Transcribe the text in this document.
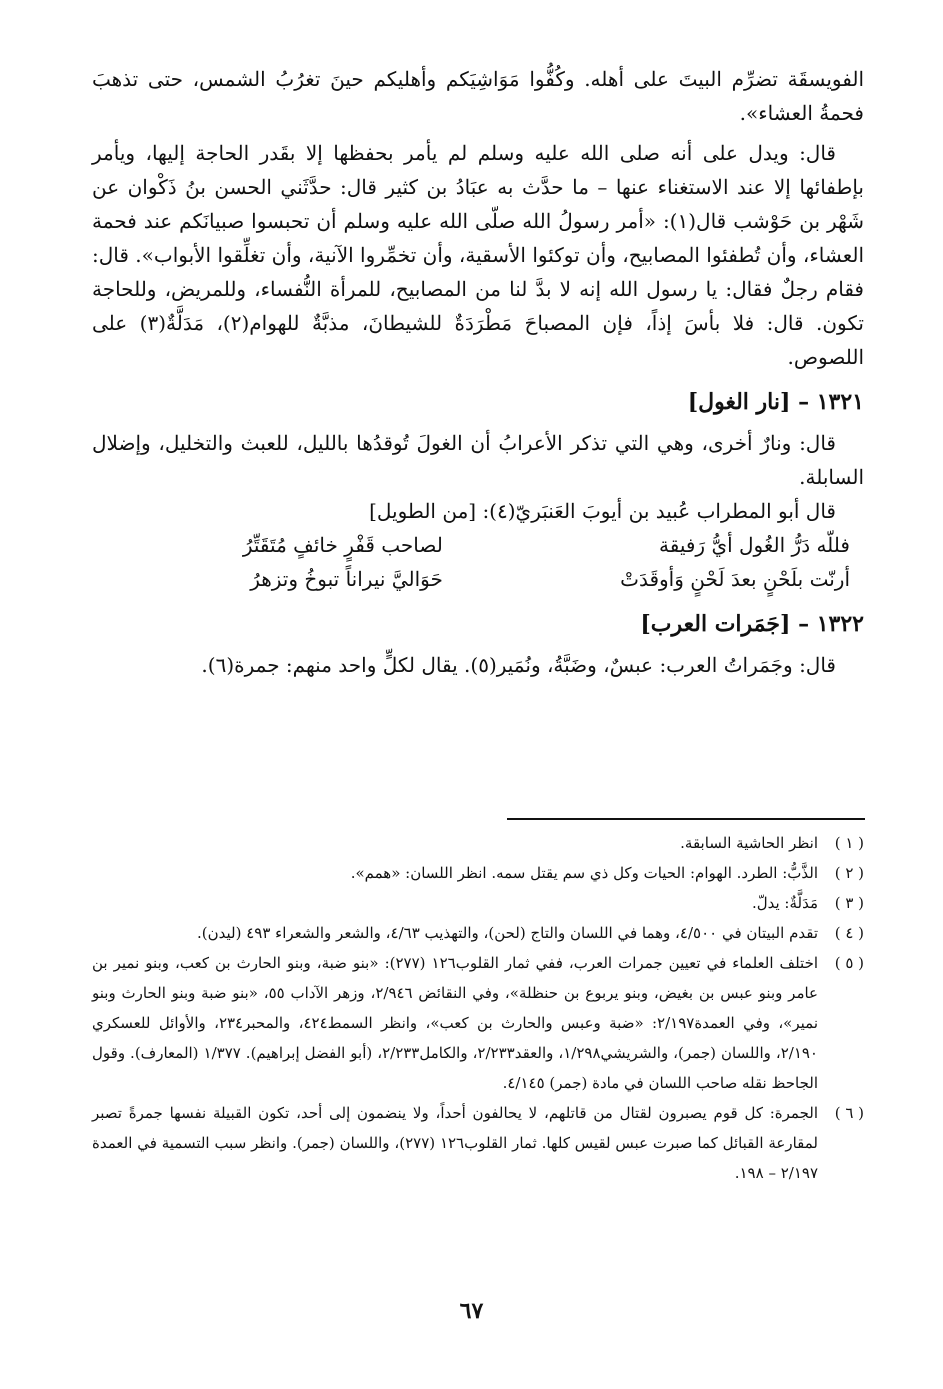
الفويسقَة تضرِّم البيتَ على أهله. وكُفُّوا مَوَاشِيَكم وأهليكم حينَ تغرُبُ الشمس، حتى تذهبَ فحمةُ العشاء».

قال: ويدل على أنه صلى الله عليه وسلم لم يأمر بحفظها إلا بقَدر الحاجة إليها، ويأمر بإطفائها إلا عند الاستغناء عنها – ما حدَّث به عبَادُ بن كثير قال: حدَّثَني الحسن بنُ ذَكْوان عن شَهْر بن حَوْشب قال(١): «أمر رسولُ الله صلّى الله عليه وسلم أن تحبسوا صبيانَكم عند فحمة العشاء، وأن تُطفئوا المصابيح، وأن توكئوا الأسقية، وأن تخمِّروا الآنية، وأن تغلِّقوا الأبواب». قال: فقام رجلٌ فقال: يا رسول الله إنه لا بدَّ لنا من المصابيح، للمرأة النُّفساء، وللمريض، وللحاجة تكون. قال: فلا بأسَ إذاً، فإن المصباحَ مَطْرَدَةٌ للشيطانَ، مذبَّةٌ للهوام(٢)، مَدَلَّةٌ(٣) على اللصوص.

١٣٢١ – [نار الغول]

قال: ونارٌ أخرى، وهي التي تذكر الأعرابُ أن الغولَ تُوقدُها بالليل، للعبث والتخليل، وإضلال السابلة.

قال أبو المطراب عُبيد بن أيوبَ العَنبَريّ(٤): [من الطويل]

فللّه دَرُّ الغُول أيُّ رَفيقة
لصاحب قَفْرٍ خائفٍ مُتَقَتِّرُ
أرنّت بلَحْنٍ بعدَ لَحْنٍ وَأوقَدَتْ
حَوَاليَّ نيراناً تبوخُ وتزهرُ
١٣٢٢ – [جَمَرات العرب]

قال: وجَمَراتُ العرب: عبسٌ، وضَبَّةُ، ونُمَير(٥). يقال لكلٍّ واحد منهم: جمرة(٦).

( ١ )
انظر الحاشية السابقة.
( ٢ )
الذَّبُّ: الطرد. الهوام: الحيات وكل ذي سم يقتل سمه. انظر اللسان: «همم».
( ٣ )
مَدَلَّةٌ: يدلّ.
( ٤ )
تقدم البيتان في ٤/٥٠٠، وهما في اللسان والتاج (لحن)، والتهذيب ٤/٦٣، والشعر والشعراء ٤٩٣ (ليدن).
( ٥ )
اختلف العلماء في تعيين جمرات العرب، ففي ثمار القلوب١٢٦ (٢٧٧): «بنو ضبة، وبنو الحارث بن كعب، وبنو نمير بن عامر وبنو عبس بن بغيض، وبنو يربوع بن حنظلة»، وفي النقائض ٢/٩٤٦، وزهر الآداب ٥٥، «بنو ضبة وبنو الحارث وبنو نمير»، وفي العمدة٢/١٩٧: «ضبة وعبس والحارث بن كعب»، وانظر السمط٤٢٤، والمحبر٢٣٤، والأوائل للعسكري ٢/١٩٠، واللسان (جمر)، والشريشي١/٢٩٨، والعقد٢/٢٣٣، والكامل٢/٢٣٣، (أبو الفضل إبراهيم). ١/٣٧٧ (المعارف). وقول الجاحظ نقله صاحب اللسان في مادة (جمر) ٤/١٤٥.
( ٦ )
الجمرة: كل قوم يصبرون لقتال من قاتلهم، لا يحالفون أحداً، ولا ينضمون إلى أحد، تكون القبيلة نفسها جمرةً تصبر لمقارعة القبائل كما صبرت عبس لقيس كلها. ثمار القلوب١٢٦ (٢٧٧)، واللسان (جمر). وانظر سبب التسمية في العمدة ٢/١٩٧ – ١٩٨.
٦٧
